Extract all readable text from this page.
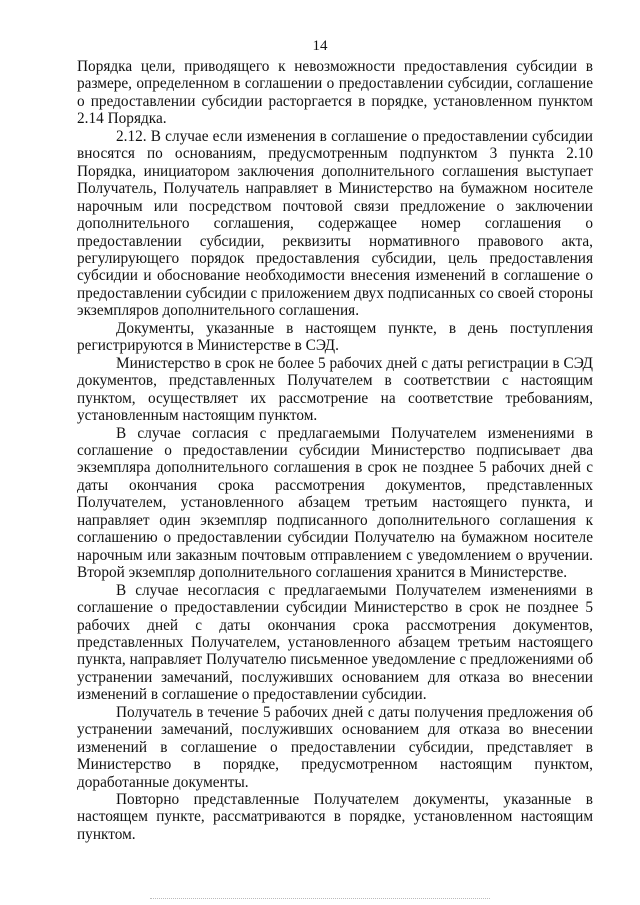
14

Порядка цели, приводящего к невозможности предоставления субсидии в размере, определенном в соглашении о предоставлении субсидии, соглашение о предоставлении субсидии расторгается в порядке, установленном пунктом 2.14 Порядка.

2.12. В случае если изменения в соглашение о предоставлении субсидии вносятся по основаниям, предусмотренным подпунктом 3 пункта 2.10 Порядка, инициатором заключения дополнительного соглашения выступает Получатель, Получатель направляет в Министерство на бумажном носителе нарочным или посредством почтовой связи предложение о заключении дополнительного соглашения, содержащее номер соглашения о предоставлении субсидии, реквизиты нормативного правового акта, регулирующего порядок предоставления субсидии, цель предоставления субсидии и обоснование необходимости внесения изменений в соглашение о предоставлении субсидии с приложением двух подписанных со своей стороны экземпляров дополнительного соглашения.

Документы, указанные в настоящем пункте, в день поступления регистрируются в Министерстве в СЭД.

Министерство в срок не более 5 рабочих дней с даты регистрации в СЭД документов, представленных Получателем в соответствии с настоящим пунктом, осуществляет их рассмотрение на соответствие требованиям, установленным настоящим пунктом.

В случае согласия с предлагаемыми Получателем изменениями в соглашение о предоставлении субсидии Министерство подписывает два экземпляра дополнительного соглашения в срок не позднее 5 рабочих дней с даты окончания срока рассмотрения документов, представленных Получателем, установленного абзацем третьим настоящего пункта, и направляет один экземпляр подписанного дополнительного соглашения к соглашению о предоставлении субсидии Получателю на бумажном носителе нарочным или заказным почтовым отправлением с уведомлением о вручении. Второй экземпляр дополнительного соглашения хранится в Министерстве.

В случае несогласия с предлагаемыми Получателем изменениями в соглашение о предоставлении субсидии Министерство в срок не позднее 5 рабочих дней с даты окончания срока рассмотрения документов, представленных Получателем, установленного абзацем третьим настоящего пункта, направляет Получателю письменное уведомление с предложениями об устранении замечаний, послуживших основанием для отказа во внесении изменений в соглашение о предоставлении субсидии.

Получатель в течение 5 рабочих дней с даты получения предложения об устранении замечаний, послуживших основанием для отказа во внесении изменений в соглашение о предоставлении субсидии, представляет в Министерство в порядке, предусмотренном настоящим пунктом, доработанные документы.

Повторно представленные Получателем документы, указанные в настоящем пункте, рассматриваются в порядке, установленном настоящим пунктом.
